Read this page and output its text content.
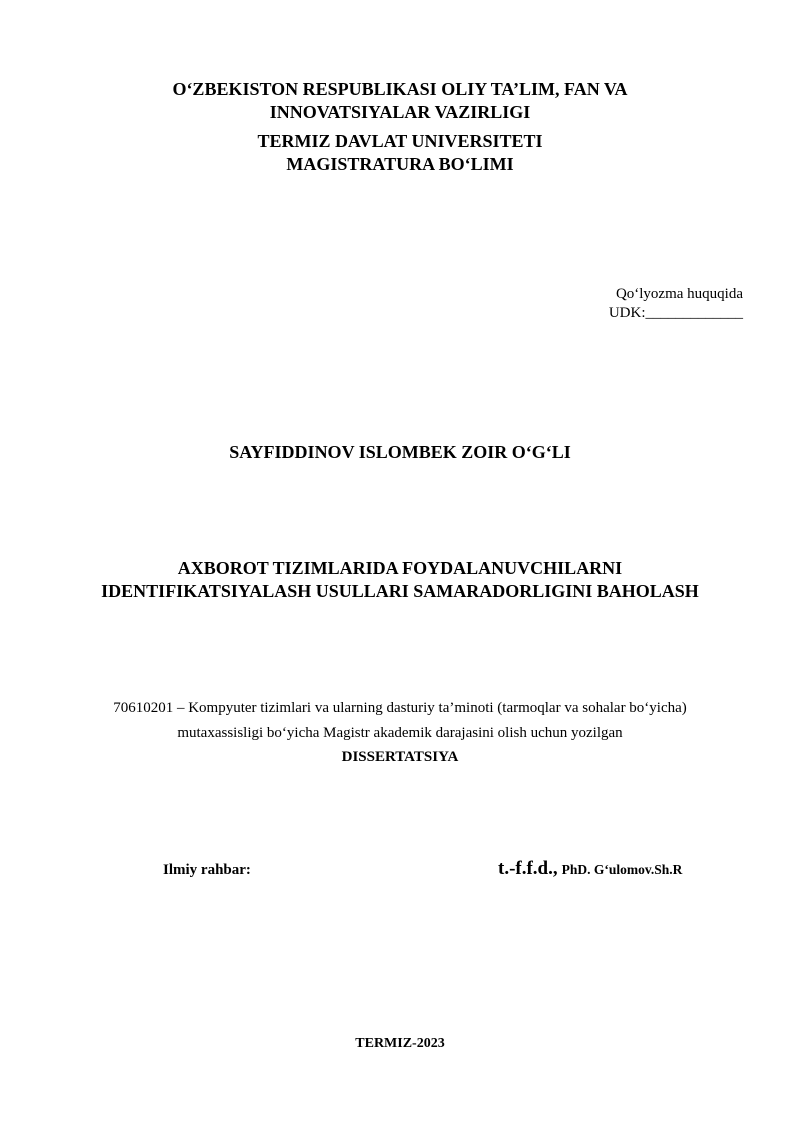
O‘ZBEKISTON RESPUBLIKASI OLIY TA’LIM, FAN VA
INNOVATSIYALAR VAZIRLIGI
TERMIZ DAVLAT UNIVERSITETI
MAGISTRATURA BO‘LIMI
Qo‘lyozma huquqida
UDK:_____________
SAYFIDDINOV ISLOMBEK ZOIR O‘G‘LI
AXBOROT TIZIMLARIDA FOYDALANUVCHILARNI
IDENTIFIKATSIYALASH USULLARI SAMARADORLIGINI BAHOLASH
70610201 – Kompyuter tizimlari va ularning dasturiy ta’minoti (tarmoqlar va sohalar bo‘yicha)
mutaxassisligi bo‘yicha Magistr akademik darajasini olish uchun yozilgan
DISSERTATSIYA
Ilmiy rahbar:	t.-f.f.d., PhD. G‘ulomov.Sh.R
TERMIZ-2023
